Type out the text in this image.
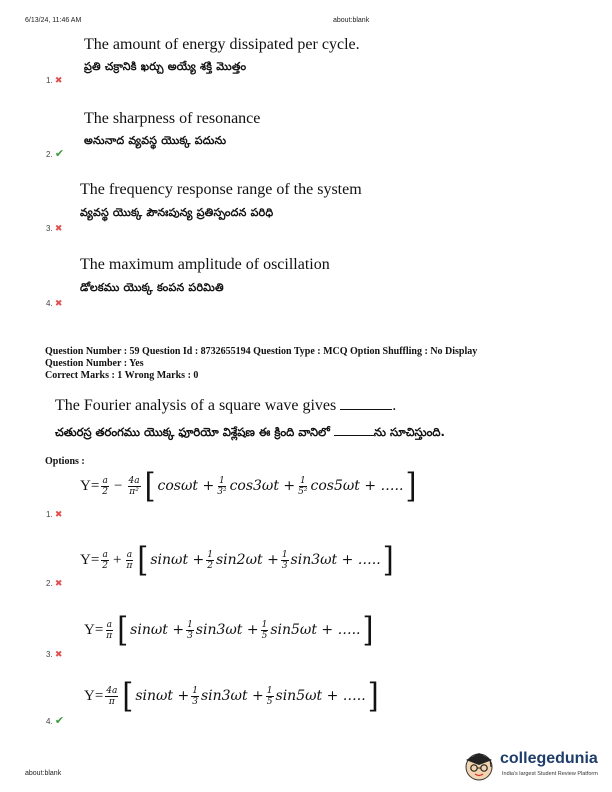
6/13/24, 11:46 AM	about:blank
The amount of energy dissipated per cycle.
ప్రతి చక్రానికి ఖర్చు అయ్యే శక్తి మొత్తం
1. ✖
The sharpness of resonance
అనునాద వ్యవస్థ యొక్క పదును
2. ✔
The frequency response range of the system
వ్యవస్థ యొక్క పౌనఃపున్య ప్రతిస్పందన పరిధి
3. ✖
The maximum amplitude of oscillation
డోలకము యొక్క కంపన పరిమితి
4. ✖
Question Number : 59 Question Id : 8732655194 Question Type : MCQ Option Shuffling : No Display
Question Number : Yes
Correct Marks : 1 Wrong Marks : 0
The Fourier analysis of a square wave gives	.
చతురస్ర తరంగము యొక్క ఫూరియో విశ్లేషణ ఈ క్రింది వానిలో	ను సూచిస్తుంది.
Options :
$Y= \frac{a}{2} - \frac{4a}{\text{π²}}$ [ $\cos\omega t + \frac{1}{\text{3²}} \cos 3\omega t + \frac{1}{\text{5²}} \cos 5\omega t$ + ….. ]
1. ✖
$Y= \frac{a}{2} + \frac{a}{\pi}$ [ $\sin\omega t + \frac{1}{2} \sin 2\omega t + \frac{1}{3} \sin 3\omega t$ + ….. ]
2. ✖
$Y= \frac{a}{\pi}$ [ $\sin\omega t + \frac{1}{3} \sin 3\omega t + \frac{1}{5} \sin 5\omega t$ + ….. ]
3. ✖
$Y= \frac{4a}{\pi}$ [ $\sin\omega t + \frac{1}{3} \sin 3\omega t + \frac{1}{5} \sin 5\omega t$ + ….. ]
4. ✔
about:blank
collegedunia
India's largest Student Review Platform
